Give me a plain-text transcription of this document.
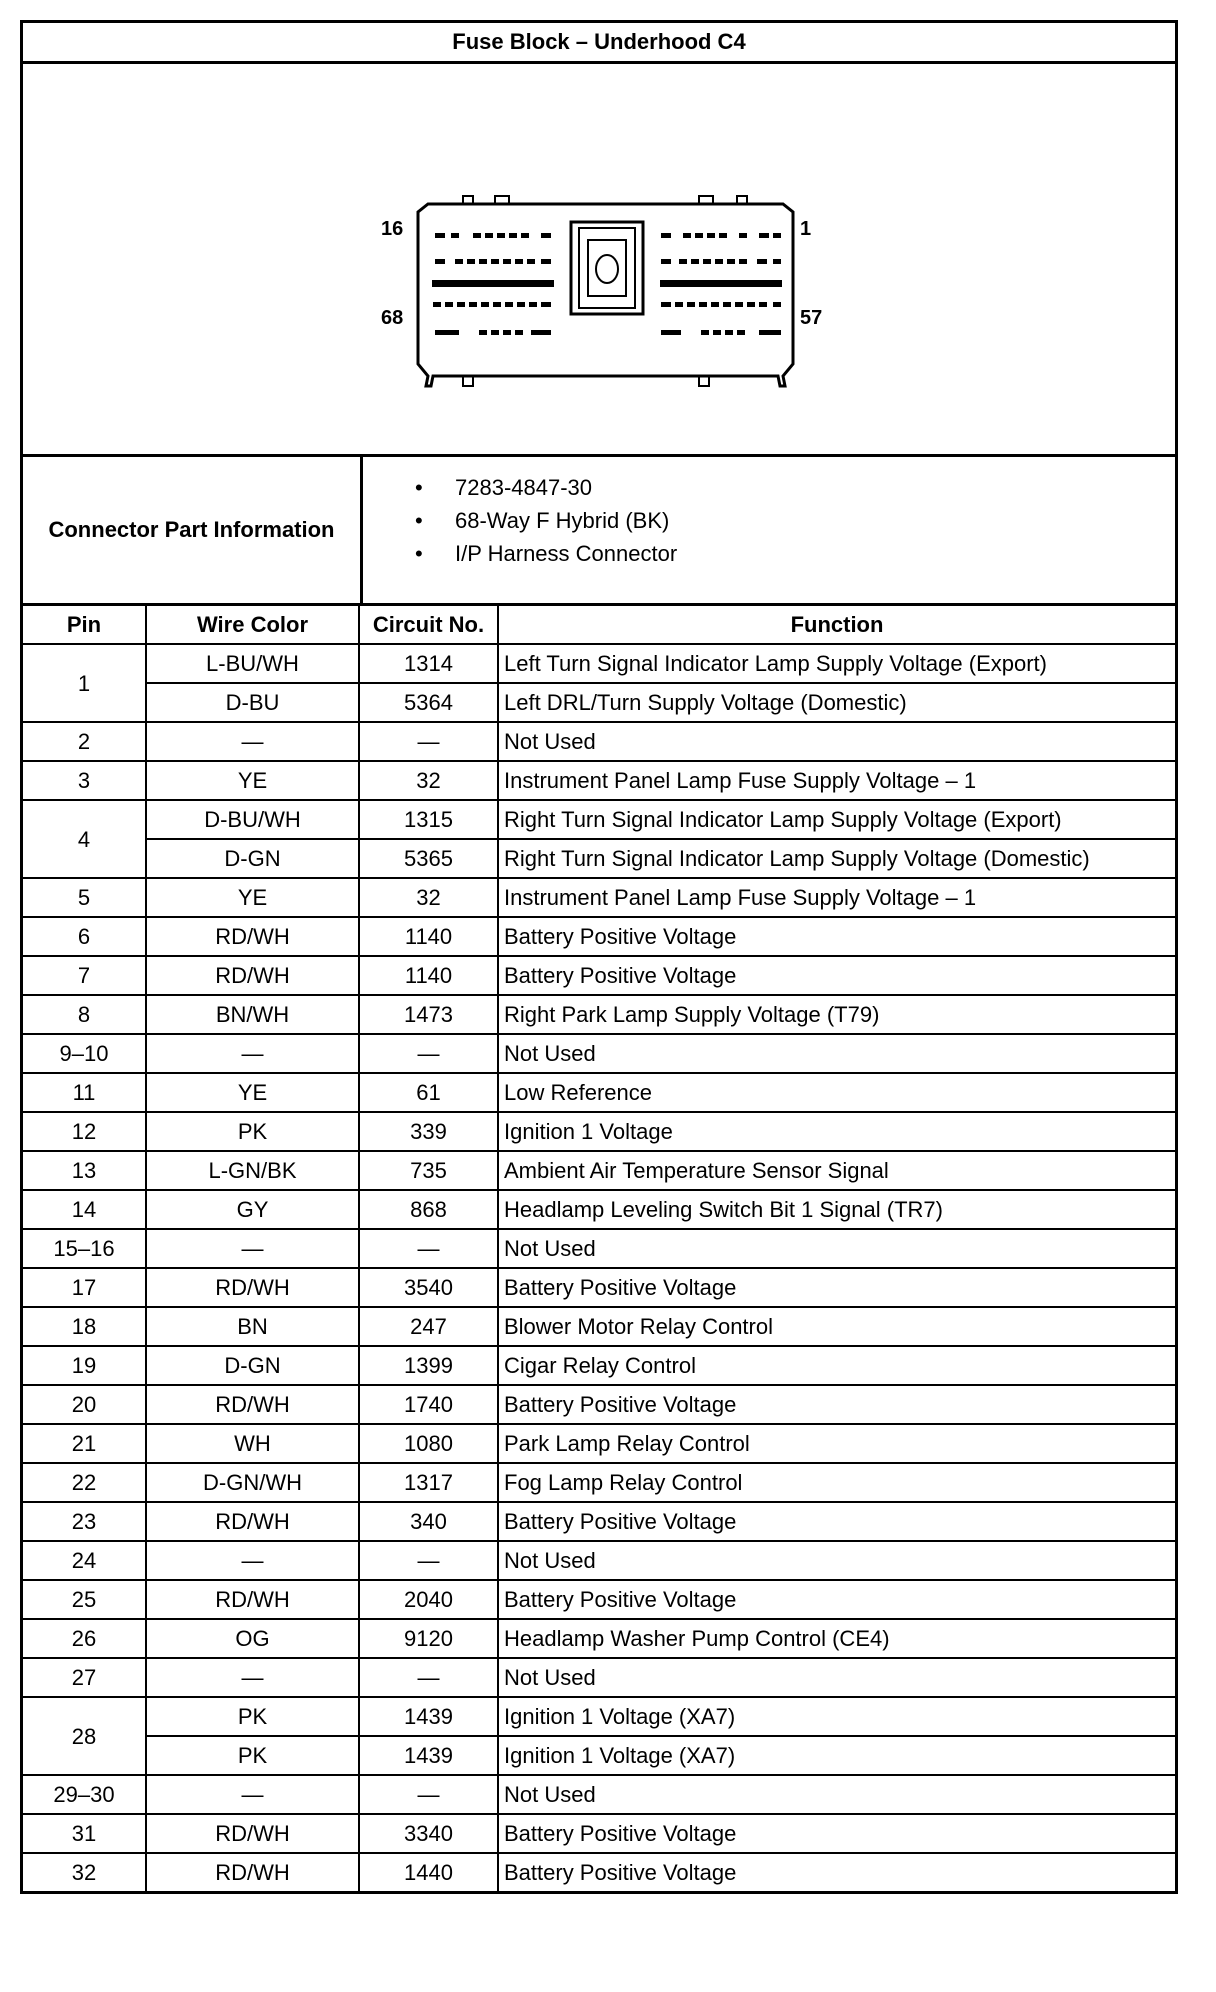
Fuse Block – Underhood C4
16	1
68	57
Connector Part Information
• 7283-4847-30
• 68-Way F Hybrid (BK)
• I/P Harness Connector
Pin	Wire Color	Circuit No.	Function
1	L-BU/WH	1314	Left Turn Signal Indicator Lamp Supply Voltage (Export)
	D-BU	5364	Left DRL/Turn Supply Voltage (Domestic)
2	—	—	Not Used
3	YE	32	Instrument Panel Lamp Fuse Supply Voltage – 1
4	D-BU/WH	1315	Right Turn Signal Indicator Lamp Supply Voltage (Export)
	D-GN	5365	Right Turn Signal Indicator Lamp Supply Voltage (Domestic)
5	YE	32	Instrument Panel Lamp Fuse Supply Voltage – 1
6	RD/WH	1140	Battery Positive Voltage
7	RD/WH	1140	Battery Positive Voltage
8	BN/WH	1473	Right Park Lamp Supply Voltage (T79)
9–10	—	—	Not Used
11	YE	61	Low Reference
12	PK	339	Ignition 1 Voltage
13	L-GN/BK	735	Ambient Air Temperature Sensor Signal
14	GY	868	Headlamp Leveling Switch Bit 1 Signal (TR7)
15–16	—	—	Not Used
17	RD/WH	3540	Battery Positive Voltage
18	BN	247	Blower Motor Relay Control
19	D-GN	1399	Cigar Relay Control
20	RD/WH	1740	Battery Positive Voltage
21	WH	1080	Park Lamp Relay Control
22	D-GN/WH	1317	Fog Lamp Relay Control
23	RD/WH	340	Battery Positive Voltage
24	—	—	Not Used
25	RD/WH	2040	Battery Positive Voltage
26	OG	9120	Headlamp Washer Pump Control (CE4)
27	—	—	Not Used
28	PK	1439	Ignition 1 Voltage (XA7)
	PK	1439	Ignition 1 Voltage (XA7)
29–30	—	—	Not Used
31	RD/WH	3340	Battery Positive Voltage
32	RD/WH	1440	Battery Positive Voltage
